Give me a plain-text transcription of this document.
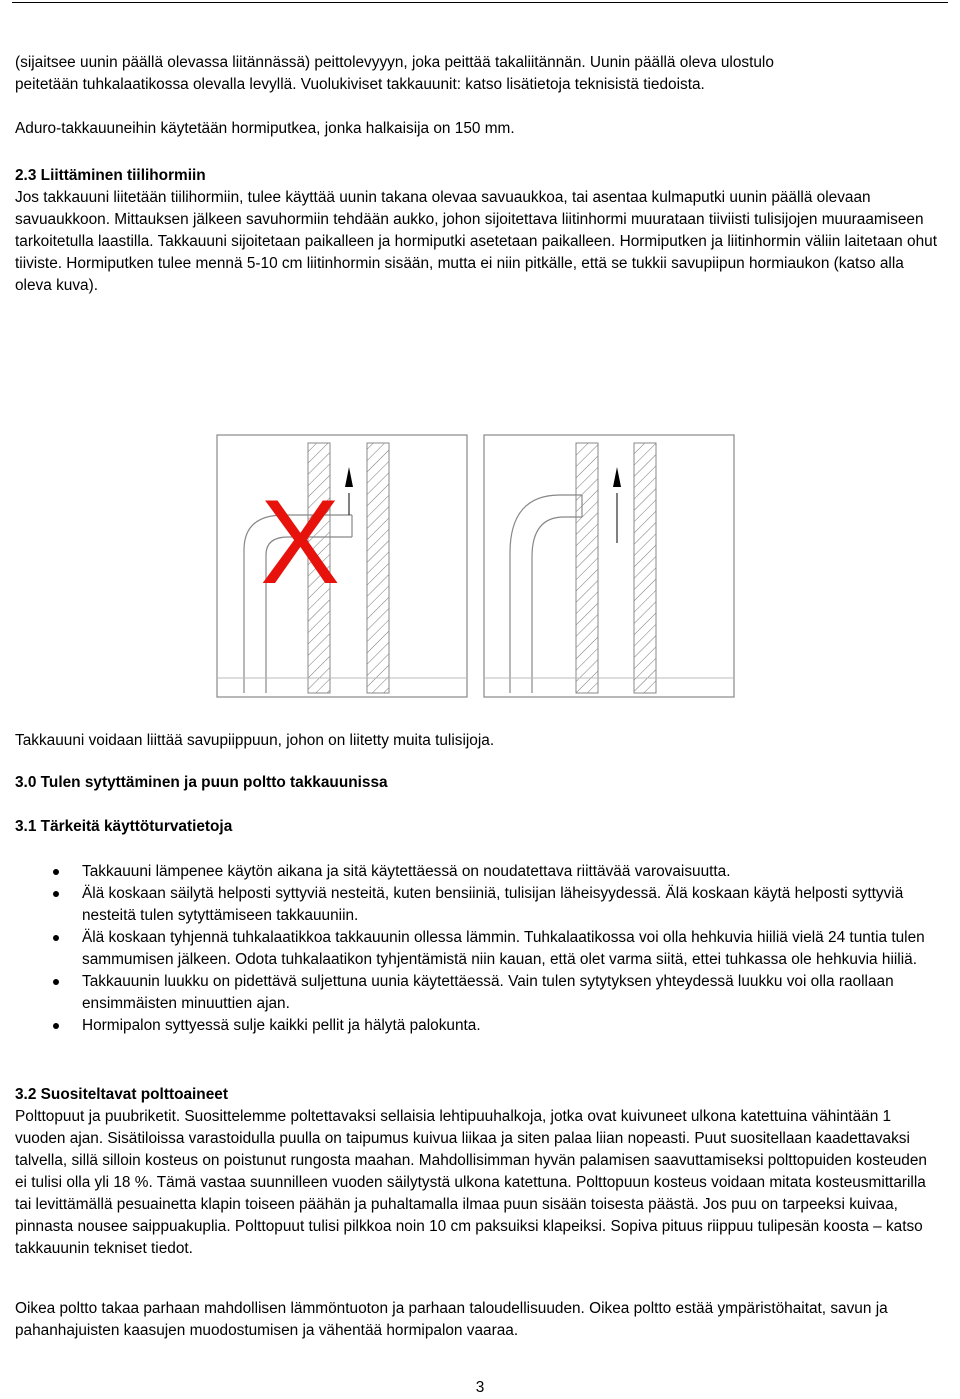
(sijaitsee uunin päällä olevassa liitännässä) peittolevyyyn, joka peittää takaliitännän. Uunin päällä oleva ulostulo

peitetään tuhkalaatikossa olevalla levyllä. Vuolukiviset takkauunit: katso lisätietoja teknisistä tiedoista.

Aduro-takkauuneihin käytetään hormiputkea, jonka halkaisija on 150 mm.

2.3 Liittäminen tiilihormiin

Jos takkauuni liitetään tiilihormiin, tulee käyttää uunin takana olevaa savuaukkoa, tai asentaa kulmaputki uunin päällä olevaan savuaukkoon. Mittauksen jälkeen savuhormiin tehdään aukko, johon sijoitettava liitinhormi muurataan tiiviisti tulisijojen muuraamiseen tarkoitetulla laastilla. Takkauuni sijoitetaan paikalleen ja hormiputki asetetaan paikalleen. Hormiputken ja liitinhormin väliin laitetaan ohut tiiviste. Hormiputken tulee mennä 5-10 cm liitinhormin sisään, mutta ei niin pitkälle, että se tukkii savupiipun hormiaukon (katso alla oleva kuva).

X

Takkauuni voidaan liittää savupiippuun, johon on liitetty muita tulisijoja.

3.0 Tulen sytyttäminen ja puun poltto takkauunissa

3.1 Tärkeitä käyttöturvatietoja

Takkauuni lämpenee käytön aikana ja sitä käytettäessä on noudatettava riittävää varovaisuutta.
Älä koskaan säilytä helposti syttyviä nesteitä, kuten bensiiniä, tulisijan läheisyydessä. Älä koskaan käytä helposti syttyviä nesteitä tulen sytyttämiseen takkauuniin.
Älä koskaan tyhjennä tuhkalaatikkoa takkauunin ollessa lämmin. Tuhkalaatikossa voi olla hehkuvia hiiliä vielä 24 tuntia tulen sammumisen jälkeen. Odota tuhkalaatikon tyhjentämistä niin kauan, että olet varma siitä, ettei tuhkassa ole hehkuvia hiiliä.
Takkauunin luukku on pidettävä suljettuna uunia käytettäessä. Vain tulen sytytyksen yhteydessä luukku voi olla raollaan ensimmäisten minuuttien ajan.
Hormipalon syttyessä sulje kaikki pellit ja hälytä palokunta.

3.2 Suositeltavat polttoaineet

Polttopuut ja puubriketit. Suosittelemme poltettavaksi sellaisia lehtipuuhalkoja, jotka ovat kuivuneet ulkona katettuina vähintään 1 vuoden ajan. Sisätiloissa varastoidulla puulla on taipumus kuivua liikaa ja siten palaa liian nopeasti. Puut suositellaan kaadettavaksi talvella, sillä silloin kosteus on poistunut rungosta maahan. Mahdollisimman hyvän palamisen saavuttamiseksi polttopuiden kosteuden ei tulisi olla yli 18 %. Tämä vastaa suunnilleen vuoden säilytystä ulkona katettuna. Polttopuun kosteus voidaan mitata kosteusmittarilla tai levittämällä pesuainetta klapin toiseen päähän ja puhaltamalla ilmaa puun sisään toisesta päästä. Jos puu on tarpeeksi kuivaa, pinnasta nousee saippuakuplia. Polttopuut tulisi pilkkoa noin 10 cm paksuiksi klapeiksi. Sopiva pituus riippuu tulipesän koosta – katso takkauunin tekniset tiedot.

Oikea poltto takaa parhaan mahdollisen lämmöntuoton ja parhaan taloudellisuuden. Oikea poltto estää ympäristöhaitat, savun ja pahanhajuisten kaasujen muodostumisen ja vähentää hormipalon vaaraa.

3
